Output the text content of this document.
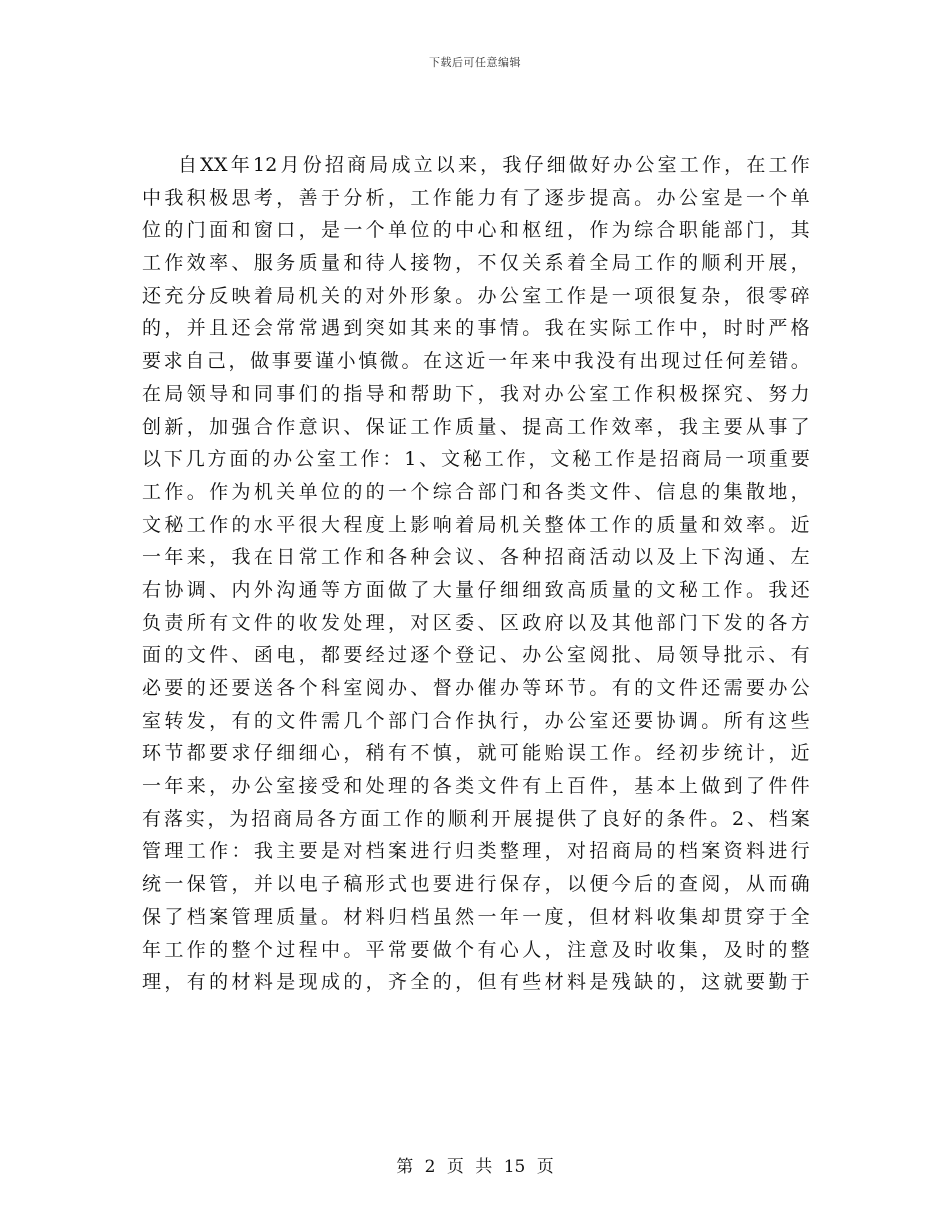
下载后可任意编辑
自XX年12月份招商局成立以来，我仔细做好办公室工作，在工作
中我积极思考，善于分析，工作能力有了逐步提高。办公室是一个单
位的门面和窗口，是一个单位的中心和枢纽，作为综合职能部门，其
工作效率、服务质量和待人接物，不仅关系着全局工作的顺利开展，
还充分反映着局机关的对外形象。办公室工作是一项很复杂，很零碎
的，并且还会常常遇到突如其来的事情。我在实际工作中，时时严格
要求自己，做事要谨小慎微。在这近一年来中我没有出现过任何差错。
在局领导和同事们的指导和帮助下，我对办公室工作积极探究、努力
创新，加强合作意识、保证工作质量、提高工作效率，我主要从事了
以下几方面的办公室工作：1、文秘工作，文秘工作是招商局一项重要
工作。作为机关单位的的一个综合部门和各类文件、信息的集散地，
文秘工作的水平很大程度上影响着局机关整体工作的质量和效率。近
一年来，我在日常工作和各种会议、各种招商活动以及上下沟通、左
右协调、内外沟通等方面做了大量仔细细致高质量的文秘工作。我还
负责所有文件的收发处理，对区委、区政府以及其他部门下发的各方
面的文件、函电，都要经过逐个登记、办公室阅批、局领导批示、有
必要的还要送各个科室阅办、督办催办等环节。有的文件还需要办公
室转发，有的文件需几个部门合作执行，办公室还要协调。所有这些
环节都要求仔细细心，稍有不慎，就可能贻误工作。经初步统计，近
一年来，办公室接受和处理的各类文件有上百件，基本上做到了件件
有落实，为招商局各方面工作的顺利开展提供了良好的条件。2、档案
管理工作：我主要是对档案进行归类整理，对招商局的档案资料进行
统一保管，并以电子稿形式也要进行保存，以便今后的查阅，从而确
保了档案管理质量。材料归档虽然一年一度，但材料收集却贯穿于全
年工作的整个过程中。平常要做个有心人，注意及时收集，及时的整
理，有的材料是现成的，齐全的，但有些材料是残缺的，这就要勤于
第 2 页 共 15 页
